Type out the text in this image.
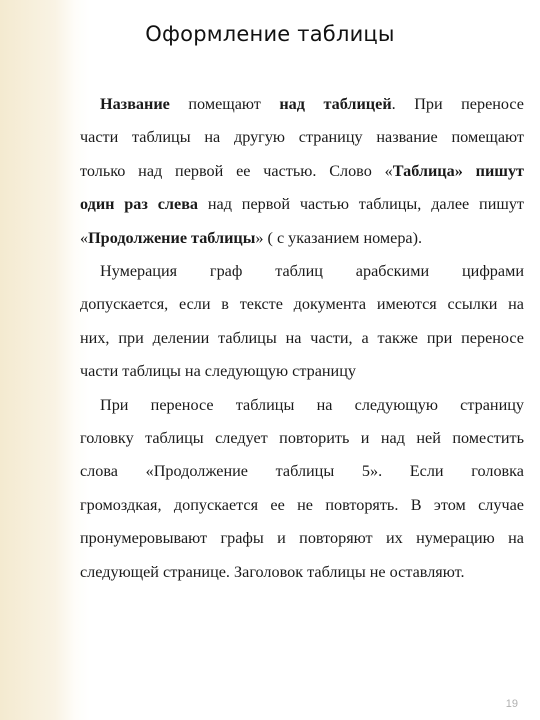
Оформление таблицы
Название помещают над таблицей. При переносе
части таблицы на другую страницу название помещают
только над первой ее частью. Слово «Таблица» пишут
один раз слева над первой частью таблицы, далее пишут
«Продолжение таблицы» ( с указанием номера).
Нумерация граф таблиц арабскими цифрами
допускается, если в тексте документа имеются ссылки на
них, при делении таблицы на части, а также при переносе
части таблицы на следующую страницу
При переносе таблицы на следующую страницу
головку таблицы следует повторить и над ней поместить
слова «Продолжение таблицы 5». Если головка
громоздкая, допускается ее не повторять. В этом случае
пронумеровывают графы и повторяют их нумерацию на
следующей странице. Заголовок таблицы не оставляют.
19
